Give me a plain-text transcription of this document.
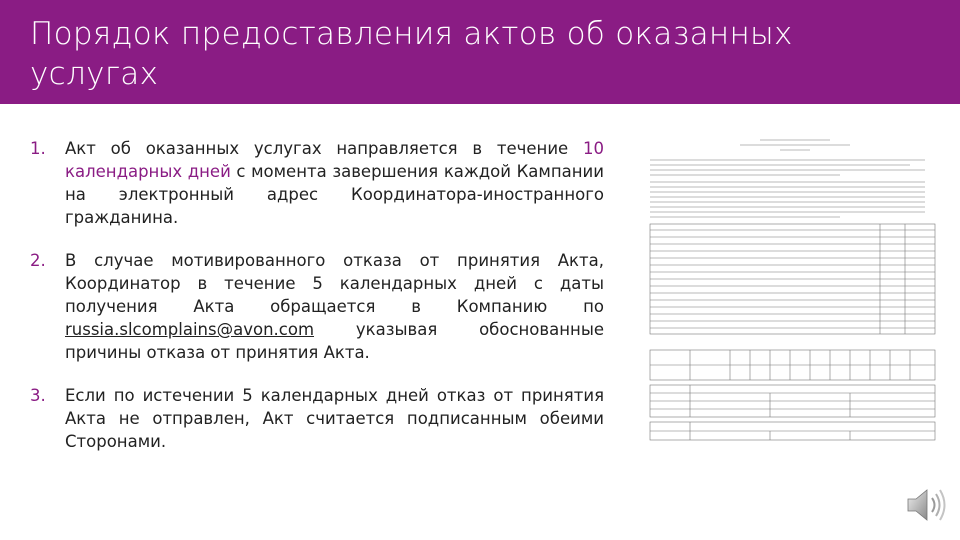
Порядок предоставления актов об оказанных
услугах
1. Акт об оказанных услугах направляется в течение 10 календарных дней с момента завершения каждой Кампании на электронный адрес Координатора-иностранного гражданина.
2. В случае мотивированного отказа от принятия Акта, Координатор в течение 5 календарных дней с даты получения Акта обращается в Компанию по russia.slcomplains@avon.com указывая обоснованные причины отказа от принятия Акта.
3. Если по истечении 5 календарных дней отказ от принятия Акта не отправлен, Акт считается подписанным обеими Сторонами.
